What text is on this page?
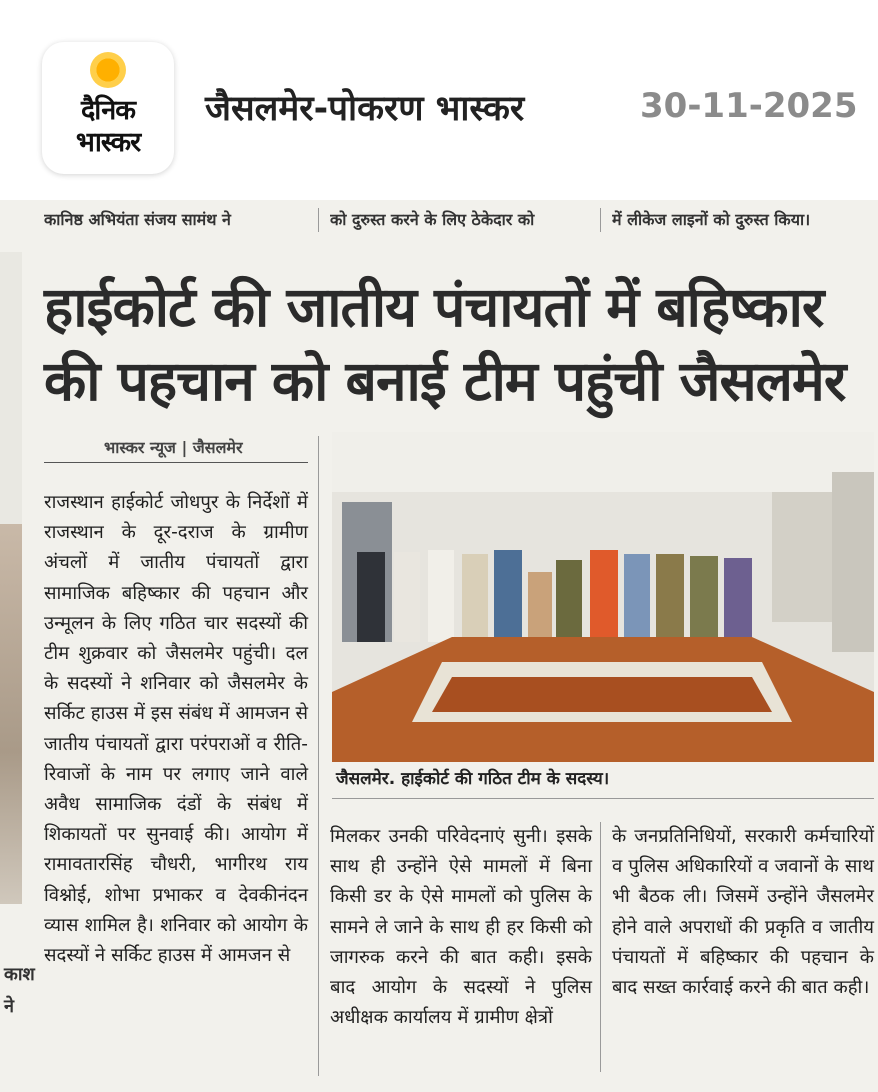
दैनिक
भास्कर
जैसलमेर-पोकरण भास्कर	30-11-2025
कानिष्ठ अभियंता संजय सामंथ ने	को दुरुस्त करने के लिए ठेकेदार को	में लीकेज लाइनों को दुरुस्त किया।
काश
ने
हाईकोर्ट की जातीय पंचायतों में बहिष्कार
की पहचान को बनाई टीम पहुंची जैसलमेर
भास्कर न्यूज | जैसलमेर
राजस्थान हाईकोर्ट जोधपुर के निर्देशों में राजस्थान के दूर-दराज के ग्रामीण अंचलों में जातीय पंचायतों द्वारा सामाजिक बहिष्कार की पहचान और उन्मूलन के लिए गठित चार सदस्यों की टीम शुक्रवार को जैसलमेर पहुंची। दल के सदस्यों ने शनिवार को जैसलमेर के सर्किट हाउस में इस संबंध में आमजन से जातीय पंचायतों द्वारा परंपराओं व रीति-रिवाजों के नाम पर लगाए जाने वाले अवैध सामाजिक दंडों के संबंध में शिकायतों पर सुनवाई की। आयोग में रामावतारसिंह चौधरी, भागीरथ राय विश्नोई, शोभा प्रभाकर व देवकीनंदन व्यास शामिल है। शनिवार को आयोग के सदस्यों ने सर्किट हाउस में आमजन से
जैसलमेर. हाईकोर्ट की गठित टीम के सदस्य।
मिलकर उनकी परिवेदनाएं सुनी। इसके साथ ही उन्होंने ऐसे मामलों में बिना किसी डर के ऐसे मामलों को पुलिस के सामने ले जाने के साथ ही हर किसी को जागरुक करने की बात कही। इसके बाद आयोग के सदस्यों ने पुलिस अधीक्षक कार्यालय में ग्रामीण क्षेत्रों
के जनप्रतिनिधियों, सरकारी कर्मचारियों व पुलिस अधिकारियों व जवानों के साथ भी बैठक ली। जिसमें उन्होंने जैसलमेर होने वाले अपराधों की प्रकृति व जातीय पंचायतों में बहिष्कार की पहचान के बाद सख्त कार्रवाई करने की बात कही।
